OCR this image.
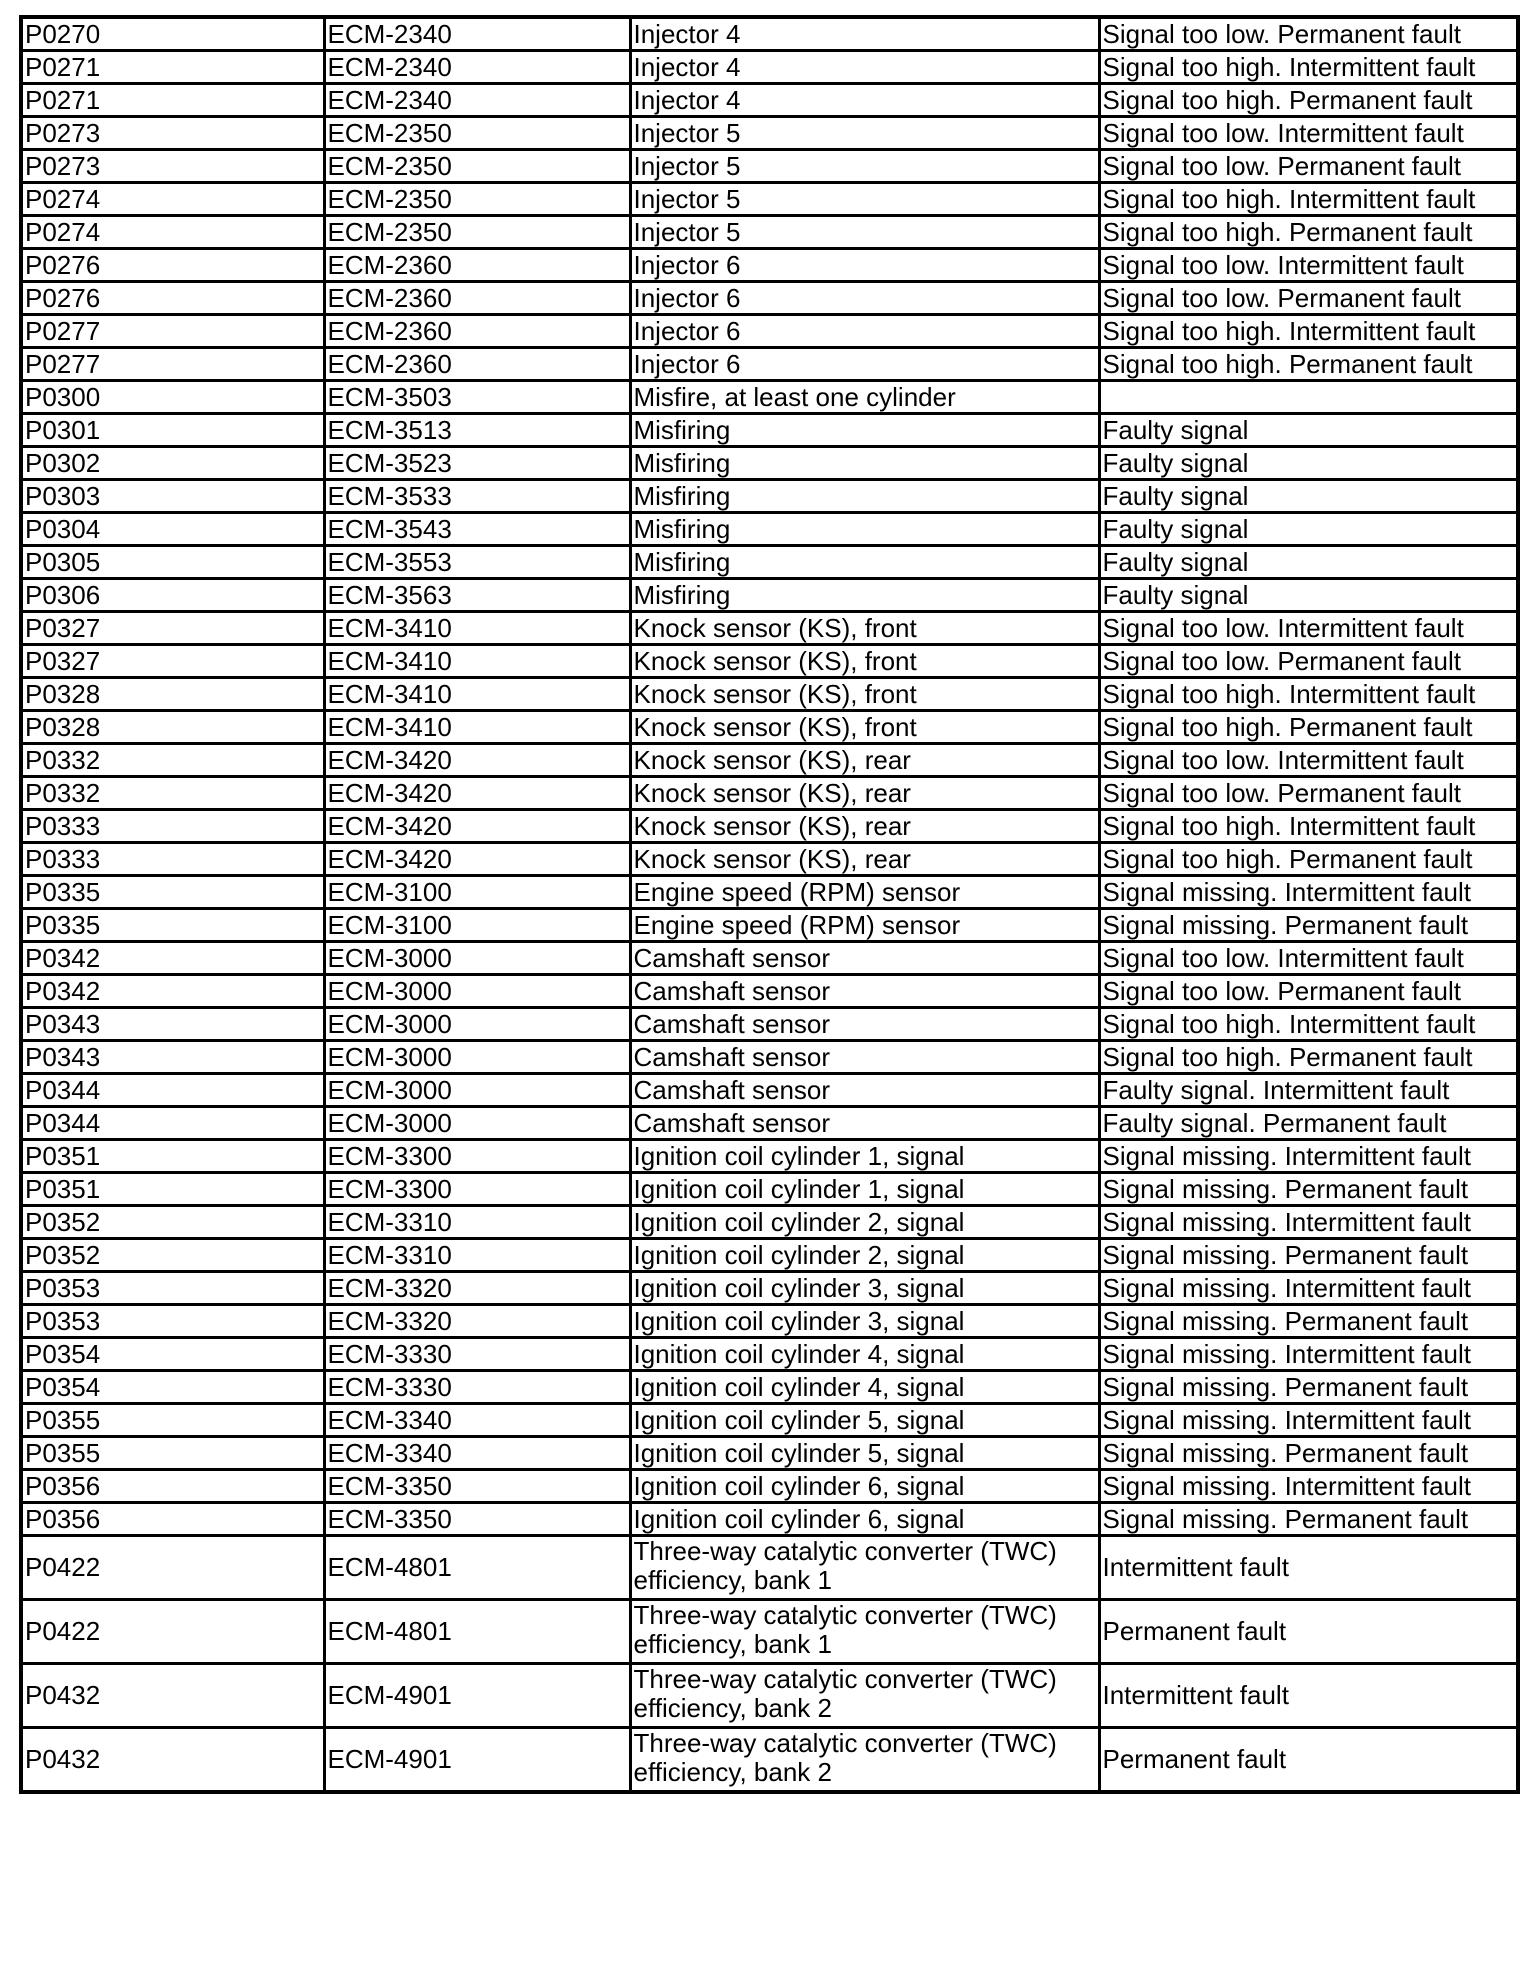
P0270	ECM-2340	Injector 4	Signal too low. Permanent fault
P0271	ECM-2340	Injector 4	Signal too high. Intermittent fault
P0271	ECM-2340	Injector 4	Signal too high. Permanent fault
P0273	ECM-2350	Injector 5	Signal too low. Intermittent fault
P0273	ECM-2350	Injector 5	Signal too low. Permanent fault
P0274	ECM-2350	Injector 5	Signal too high. Intermittent fault
P0274	ECM-2350	Injector 5	Signal too high. Permanent fault
P0276	ECM-2360	Injector 6	Signal too low. Intermittent fault
P0276	ECM-2360	Injector 6	Signal too low. Permanent fault
P0277	ECM-2360	Injector 6	Signal too high. Intermittent fault
P0277	ECM-2360	Injector 6	Signal too high. Permanent fault
P0300	ECM-3503	Misfire, at least one cylinder	
P0301	ECM-3513	Misfiring	Faulty signal
P0302	ECM-3523	Misfiring	Faulty signal
P0303	ECM-3533	Misfiring	Faulty signal
P0304	ECM-3543	Misfiring	Faulty signal
P0305	ECM-3553	Misfiring	Faulty signal
P0306	ECM-3563	Misfiring	Faulty signal
P0327	ECM-3410	Knock sensor (KS), front	Signal too low. Intermittent fault
P0327	ECM-3410	Knock sensor (KS), front	Signal too low. Permanent fault
P0328	ECM-3410	Knock sensor (KS), front	Signal too high. Intermittent fault
P0328	ECM-3410	Knock sensor (KS), front	Signal too high. Permanent fault
P0332	ECM-3420	Knock sensor (KS), rear	Signal too low. Intermittent fault
P0332	ECM-3420	Knock sensor (KS), rear	Signal too low. Permanent fault
P0333	ECM-3420	Knock sensor (KS), rear	Signal too high. Intermittent fault
P0333	ECM-3420	Knock sensor (KS), rear	Signal too high. Permanent fault
P0335	ECM-3100	Engine speed (RPM) sensor	Signal missing. Intermittent fault
P0335	ECM-3100	Engine speed (RPM) sensor	Signal missing. Permanent fault
P0342	ECM-3000	Camshaft sensor	Signal too low. Intermittent fault
P0342	ECM-3000	Camshaft sensor	Signal too low. Permanent fault
P0343	ECM-3000	Camshaft sensor	Signal too high. Intermittent fault
P0343	ECM-3000	Camshaft sensor	Signal too high. Permanent fault
P0344	ECM-3000	Camshaft sensor	Faulty signal. Intermittent fault
P0344	ECM-3000	Camshaft sensor	Faulty signal. Permanent fault
P0351	ECM-3300	Ignition coil cylinder 1, signal	Signal missing. Intermittent fault
P0351	ECM-3300	Ignition coil cylinder 1, signal	Signal missing. Permanent fault
P0352	ECM-3310	Ignition coil cylinder 2, signal	Signal missing. Intermittent fault
P0352	ECM-3310	Ignition coil cylinder 2, signal	Signal missing. Permanent fault
P0353	ECM-3320	Ignition coil cylinder 3, signal	Signal missing. Intermittent fault
P0353	ECM-3320	Ignition coil cylinder 3, signal	Signal missing. Permanent fault
P0354	ECM-3330	Ignition coil cylinder 4, signal	Signal missing. Intermittent fault
P0354	ECM-3330	Ignition coil cylinder 4, signal	Signal missing. Permanent fault
P0355	ECM-3340	Ignition coil cylinder 5, signal	Signal missing. Intermittent fault
P0355	ECM-3340	Ignition coil cylinder 5, signal	Signal missing. Permanent fault
P0356	ECM-3350	Ignition coil cylinder 6, signal	Signal missing. Intermittent fault
P0356	ECM-3350	Ignition coil cylinder 6, signal	Signal missing. Permanent fault
P0422	ECM-4801	Three-way catalytic converter (TWC) efficiency, bank 1	Intermittent fault
P0422	ECM-4801	Three-way catalytic converter (TWC) efficiency, bank 1	Permanent fault
P0432	ECM-4901	Three-way catalytic converter (TWC) efficiency, bank 2	Intermittent fault
P0432	ECM-4901	Three-way catalytic converter (TWC) efficiency, bank 2	Permanent fault
